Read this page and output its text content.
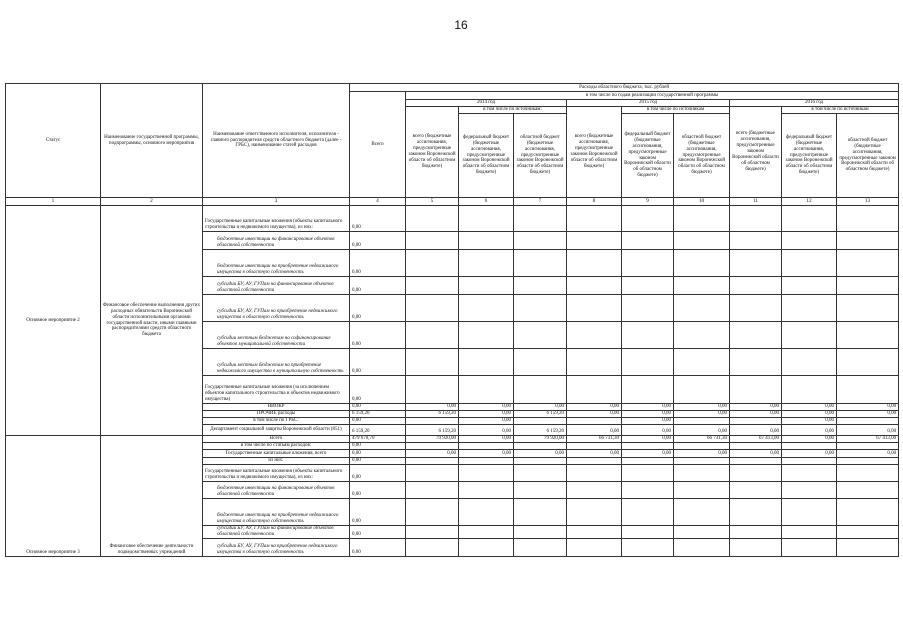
16
Статус	Наименование государственной программы, подпрограммы, основного мероприятия	Наименование ответственного исполнителя, исполнителя - главного распорядителя средств областного бюджета (далее - ГРБС), наименование статей расходов	Расходы областного бюджета, тыс. рублей									
			Всего	в том числе по годам реализации государственной программы								
				2014 год			2015 год			2016 год		
				всего (бюджетные ассигнования, предусмотренные законом Воронежской области об областном бюджете)	в том числе по источникам:		всего (бюджетные ассигнования, предусмотренные законом Воронежской области об областном бюджете)	в том числе по источникам		всего (бюджетные ассигнования, предусмотренные законом Воронежской области об областном бюджете)	в том числе по источникам	
					федеральный бюджет (бюджетные ассигнования, предусмотренные законом Воронежской области об областном бюджете)	областной бюджет (бюджетные ассигнования, предусмотренные законом Воронежской области об областном бюджете)		федеральный бюджет (бюджетные ассигнования, предусмотренные законом Воронежской области об областном бюджете)	областной бюджет (бюджетные ассигнования, предусмотренные законом Воронежской области об областном бюджете)		федеральный бюджет (бюджетные ассигнования, предусмотренные законом Воронежской области об областном бюджете)	областной бюджет (бюджетные ассигнования, предусмотренные законом Воронежской области об областном бюджете)

1	2	3	4	5	6	7	8	9	10	11	12	13
Основное мероприятие 2	Финансовое обеспечение выполнения других расходных обязательств Воронежской области исполнительными органами государственной власти, иными главными распорядителями средств областного бюджета	Государственные капитальные вложения (объекты капитального строительства и недвижимого имущества), из них:	0,00									
		бюджетные инвестиции на финансирование объектов областной собственности	0,00									
		бюджетные инвестиции на приобретение недвижимого имущества в областную собственность	0,00									
		субсидии БУ, АУ, ГУПам на финансирование объектов областной собственности	0,00									
		субсидии БУ, АУ, ГУПам на приобретение недвижимого имущества в областную собственность	0,00									
		субсидии местным бюджетам на софинансирование объектов муниципальной собственности	0,00									
		субсидии местным бюджетам на приобретение недвижимого имущества в муниципальную собственность	0,00									
		Государственные капитальные вложения (за исключением объектов капитального строительства и объектов недвижимого имущества)	0,00									
		НИОКР	0,00	0,00	0,00	0,00	0,00	0,00	0,00	0,00	0,00	0,00
		ПРОЧИЕ расходы	6 159,20	6 159,20	0,00	6 159,20	0,00	0,00	0,00	0,00	0,00	0,00
		в том числе по ГРБС:	0,00		0,00			0,00			0,00	
		Департамент социальной защиты Воронежской области (851)	6 159,20	6 159,20	0,00	6 159,20	0,00	0,00	0,00	0,00	0,00	0,00
Основное мероприятие 3	Финансовое обеспечение деятельности подведомственных учреждений	Всего	479 670,70	79 920,00	0,00	79 920,00	66 731,30	0,00	66 731,30	67 413,00	0,00	67 413,00
		в том числе по статьям расходов:	0,00									
		Государственные капитальные вложения, всего	0,00	0,00	0,00	0,00	0,00	0,00	0,00	0,00	0,00	0,00
		из них:	0,00									
		Государственные капитальные вложения (объекты капитального строительства и недвижимого имущества), из них:	0,00									
		бюджетные инвестиции на финансирование объектов областной собственности	0,00									
		бюджетные инвестиции на приобретение недвижимого имущества в областную собственность	0,00									
		субсидии БУ, АУ, ГУПам на финансирование объектов областной собственности	0,00									
		субсидии БУ, АУ, ГУПам на приобретение недвижимого имущества в областную собственность	0,00									
